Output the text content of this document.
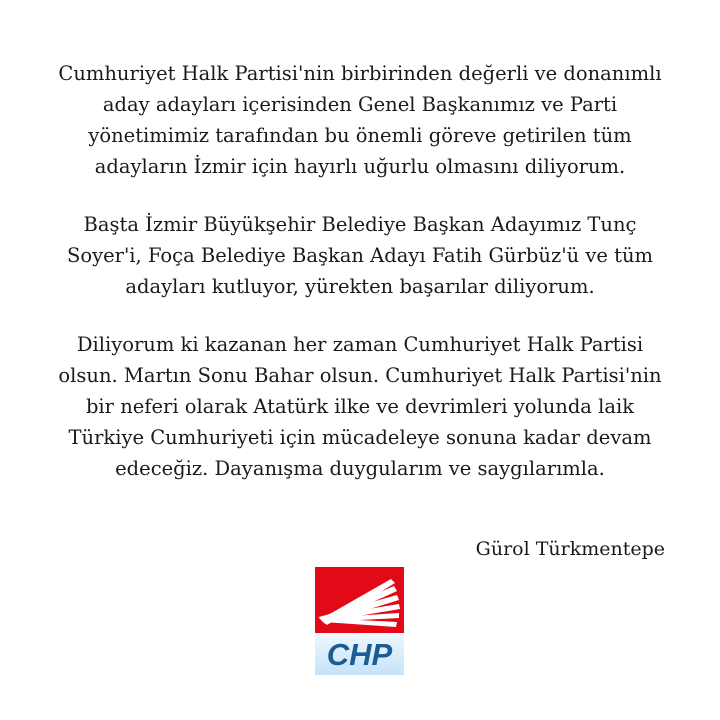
Cumhuriyet Halk Partisi'nin birbirinden değerli ve donanımlı
aday adayları içerisinden Genel Başkanımız ve Parti
yönetimimiz tarafından bu önemli göreve getirilen tüm
adayların İzmir için hayırlı uğurlu olmasını diliyorum.

Başta İzmir Büyükşehir Belediye Başkan Adayımız Tunç
Soyer'i, Foça Belediye Başkan Adayı Fatih Gürbüz'ü ve tüm
adayları kutluyor, yürekten başarılar diliyorum.

Diliyorum ki kazanan her zaman Cumhuriyet Halk Partisi
olsun. Martın Sonu Bahar olsun. Cumhuriyet Halk Partisi'nin
bir neferi olarak Atatürk ilke ve devrimleri yolunda laik
Türkiye Cumhuriyeti için mücadeleye sonuna kadar devam
edeceğiz. Dayanışma duygularım ve saygılarımla.

Gürol Türkmentepe
CHP
